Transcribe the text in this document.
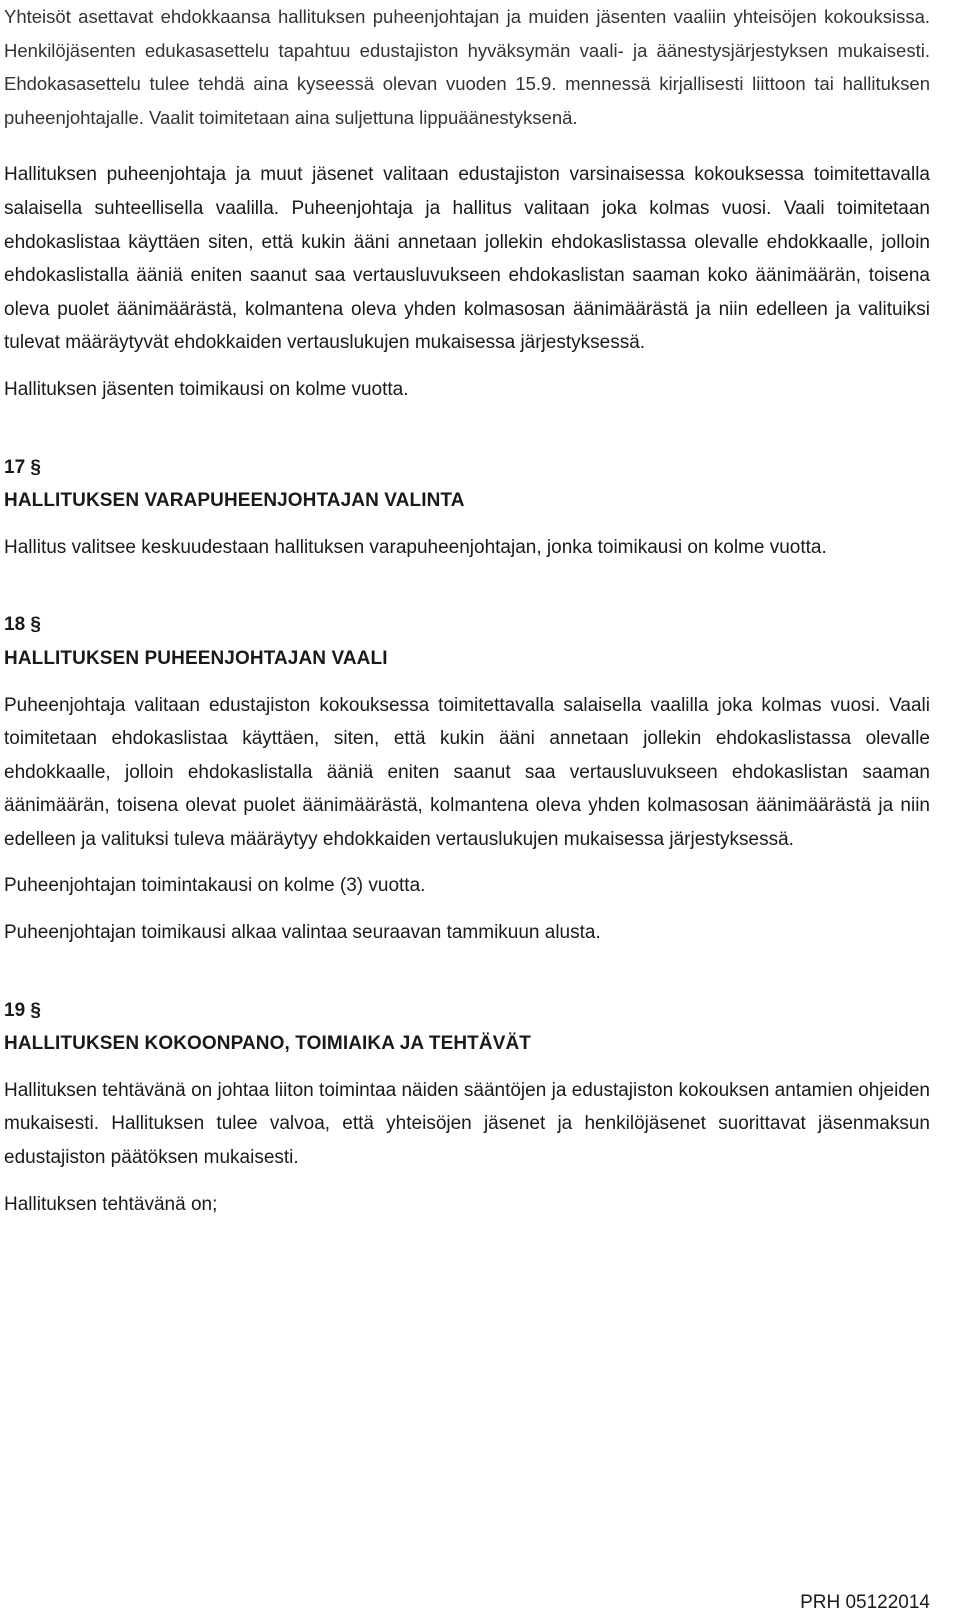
Yhteisöt asettavat ehdokkaansa hallituksen puheenjohtajan ja muiden jäsenten vaaliin yhteisöjen kokouksissa. Henkilöjäsenten edukasasettelu tapahtuu edustajiston hyväksymän vaali- ja äänestysjärjestyksen mukaisesti. Ehdokasasettelu tulee tehdä aina kyseessä olevan vuoden 15.9. mennessä kirjallisesti liittoon tai hallituksen puheenjohtajalle. Vaalit toimitetaan aina suljettuna lippuäänestyksenä.

Hallituksen puheenjohtaja ja muut jäsenet valitaan edustajiston varsinaisessa kokouksessa toimitettavalla salaisella suhteellisella vaalilla. Puheenjohtaja ja hallitus valitaan joka kolmas vuosi. Vaali toimitetaan ehdokaslistaa käyttäen siten, että kukin ääni annetaan jollekin ehdokaslistassa olevalle ehdokkaalle, jolloin ehdokaslistalla ääniä eniten saanut saa vertausluvukseen ehdokaslistan saaman koko äänimäärän, toisena oleva puolet äänimäärästä, kolmantena oleva yhden kolmasosan äänimäärästä ja niin edelleen ja valituiksi tulevat määräytyvät ehdokkaiden vertauslukujen mukaisessa järjestyksessä.

Hallituksen jäsenten toimikausi on kolme vuotta.

17 §

HALLITUKSEN VARAPUHEENJOHTAJAN VALINTA

Hallitus valitsee keskuudestaan hallituksen varapuheenjohtajan, jonka toimikausi on kolme vuotta.

18 §

HALLITUKSEN PUHEENJOHTAJAN VAALI

Puheenjohtaja valitaan edustajiston kokouksessa toimitettavalla salaisella vaalilla joka kolmas vuosi. Vaali toimitetaan ehdokaslistaa käyttäen, siten, että kukin ääni annetaan jollekin ehdokaslistassa olevalle ehdokkaalle, jolloin ehdokaslistalla ääniä eniten saanut saa vertausluvukseen ehdokaslistan saaman äänimäärän, toisena olevat puolet äänimäärästä, kolmantena oleva yhden kolmasosan äänimäärästä ja niin edelleen ja valituksi tuleva määräytyy ehdokkaiden vertauslukujen mukaisessa järjestyksessä.

Puheenjohtajan toimintakausi on kolme (3) vuotta.

Puheenjohtajan toimikausi alkaa valintaa seuraavan tammikuun alusta.

19 §

HALLITUKSEN KOKOONPANO, TOIMIAIKA JA TEHTÄVÄT

Hallituksen tehtävänä on johtaa liiton toimintaa näiden sääntöjen ja edustajiston kokouksen antamien ohjeiden mukaisesti. Hallituksen tulee valvoa, että yhteisöjen jäsenet ja henkilöjäsenet suorittavat jäsenmaksun edustajiston päätöksen mukaisesti.

Hallituksen tehtävänä on;

PRH 05122014
